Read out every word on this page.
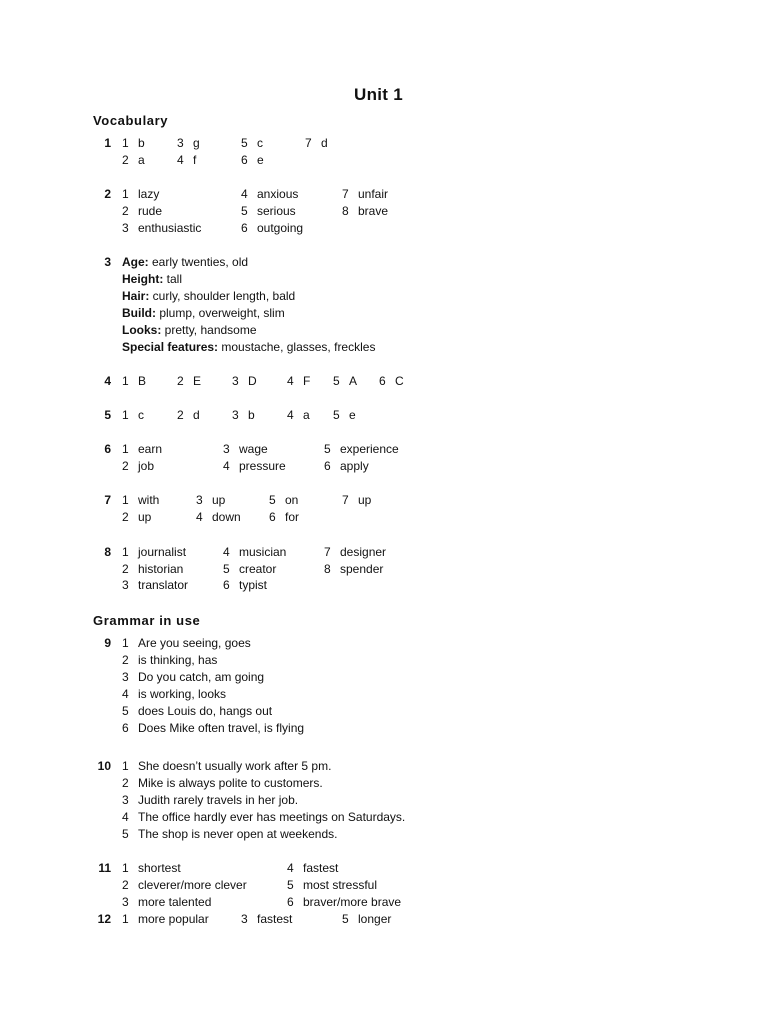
Unit 1
Vocabulary
1 1 b	3 g	5 c	7 d
2 a	4 f	6 e
2 1 lazy	4 anxious	7 unfair
2 rude	5 serious	8 brave
3 enthusiastic	6 outgoing
3 Age: early twenties, old
Height: tall
Hair: curly, shoulder length, bald
Build: plump, overweight, slim
Looks: pretty, handsome
Special features: moustache, glasses, freckles
4 1 B	2 E	3 D	4 F 5 A 6 C
5 1 c	2 d	3 b	4 a 5 e
6 1 earn	3 wage	5 experience
2 job	4 pressure	6 apply
7 1 with	3 up	5 on	7 up
2 up	4 down 6 for
8 1 journalist	4 musician	7 designer
2 historian	5 creator	8 spender
3 translator	6 typist
Grammar in use
9 1 Are you seeing, goes
2 is thinking, has
3 Do you catch, am going
4 is working, looks
5 does Louis do, hangs out
6 Does Mike often travel, is flying
10 1 She doesn’t usually work after 5 pm.
2 Mike is always polite to customers.
3 Judith rarely travels in her job.
4 The office hardly ever has meetings on Saturdays.
5 The shop is never open at weekends.
11 1 shortest	4 fastest
2 cleverer/more clever	5 most stressful
3 more talented	6 braver/more brave
12 1 more popular	3 fastest	5 longer
